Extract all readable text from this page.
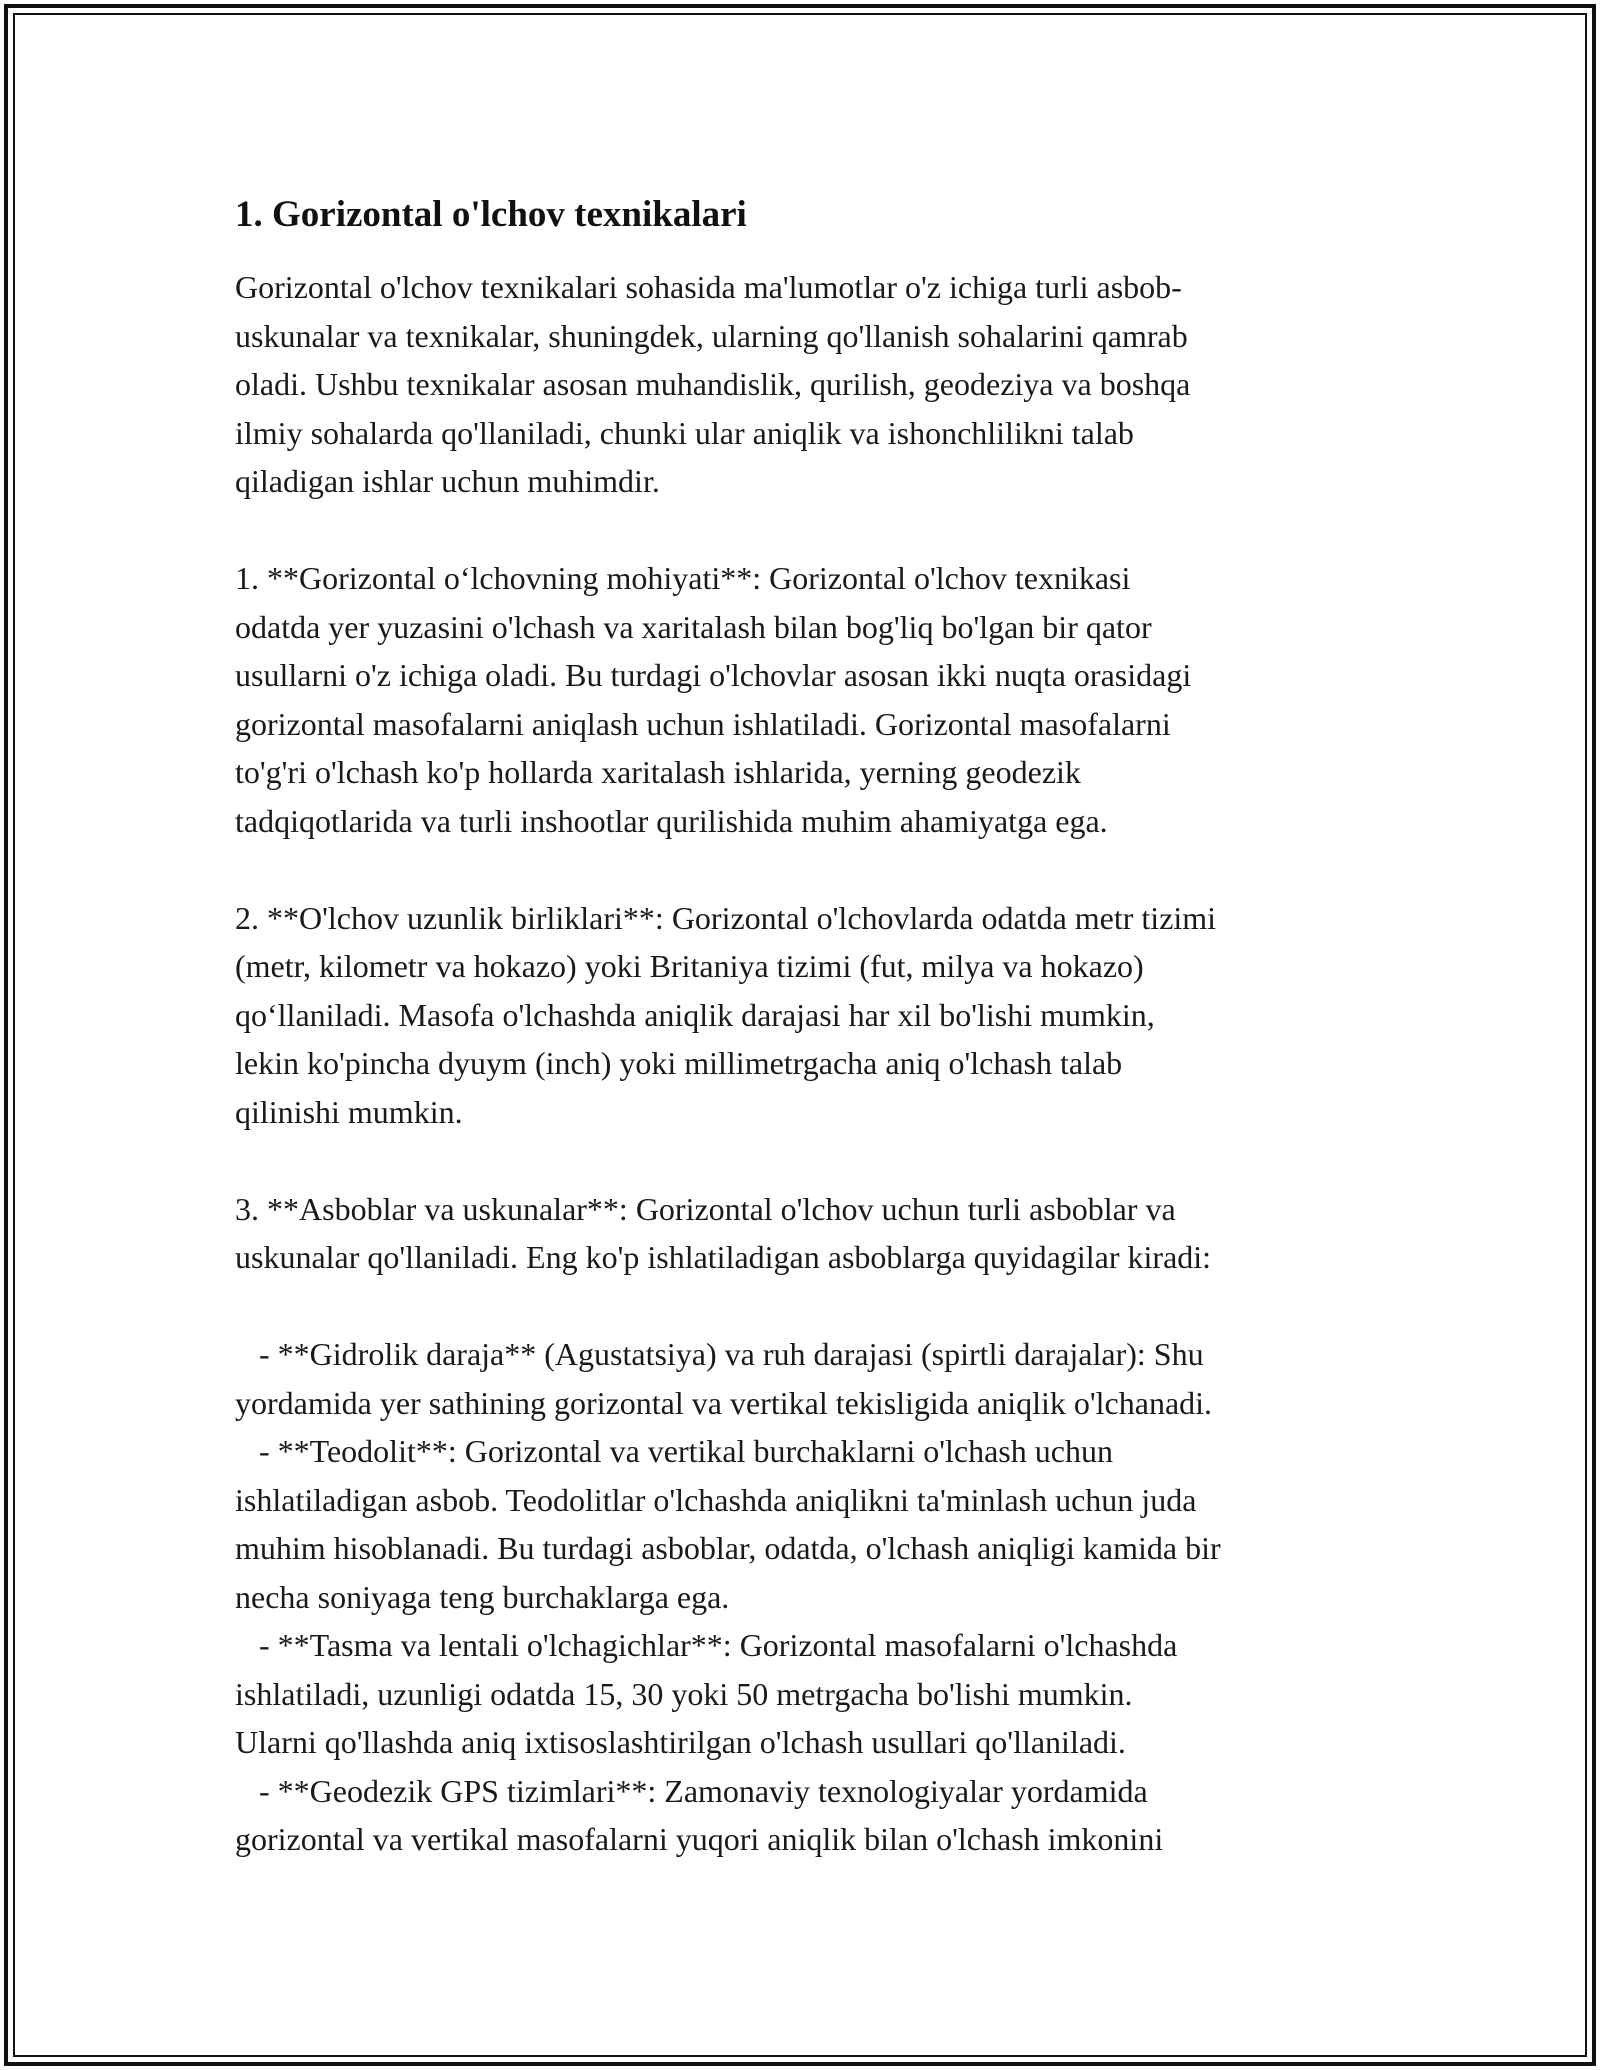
1. Gorizontal o'lchov texnikalari

Gorizontal o'lchov texnikalari sohasida ma'lumotlar o'z ichiga turli asbob-
uskunalar va texnikalar, shuningdek, ularning qo'llanish sohalarini qamrab
oladi. Ushbu texnikalar asosan muhandislik, qurilish, geodeziya va boshqa
ilmiy sohalarda qo'llaniladi, chunki ular aniqlik va ishonchlilikni talab
qiladigan ishlar uchun muhimdir.

1. **Gorizontal o‘lchovning mohiyati**: Gorizontal o'lchov texnikasi
odatda yer yuzasini o'lchash va xaritalash bilan bog'liq bo'lgan bir qator
usullarni o'z ichiga oladi. Bu turdagi o'lchovlar asosan ikki nuqta orasidagi
gorizontal masofalarni aniqlash uchun ishlatiladi. Gorizontal masofalarni
to'g'ri o'lchash ko'p hollarda xaritalash ishlarida, yerning geodezik
tadqiqotlarida va turli inshootlar qurilishida muhim ahamiyatga ega.

2. **O'lchov uzunlik birliklari**: Gorizontal o'lchovlarda odatda metr tizimi
(metr, kilometr va hokazo) yoki Britaniya tizimi (fut, milya va hokazo)
qo‘llaniladi. Masofa o'lchashda aniqlik darajasi har xil bo'lishi mumkin,
lekin ko'pincha dyuym (inch) yoki millimetrgacha aniq o'lchash talab
qilinishi mumkin.

3. **Asboblar va uskunalar**: Gorizontal o'lchov uchun turli asboblar va
uskunalar qo'llaniladi. Eng ko'p ishlatiladigan asboblarga quyidagilar kiradi:

- **Gidrolik daraja** (Agustatsiya) va ruh darajasi (spirtli darajalar): Shu
yordamida yer sathining gorizontal va vertikal tekisligida aniqlik o'lchanadi.

- **Teodolit**: Gorizontal va vertikal burchaklarni o'lchash uchun
ishlatiladigan asbob. Teodolitlar o'lchashda aniqlikni ta'minlash uchun juda
muhim hisoblanadi. Bu turdagi asboblar, odatda, o'lchash aniqligi kamida bir
necha soniyaga teng burchaklarga ega.

- **Tasma va lentali o'lchagichlar**: Gorizontal masofalarni o'lchashda
ishlatiladi, uzunligi odatda 15, 30 yoki 50 metrgacha bo'lishi mumkin.
Ularni qo'llashda aniq ixtisoslashtirilgan o'lchash usullari qo'llaniladi.

- **Geodezik GPS tizimlari**: Zamonaviy texnologiyalar yordamida
gorizontal va vertikal masofalarni yuqori aniqlik bilan o'lchash imkonini
